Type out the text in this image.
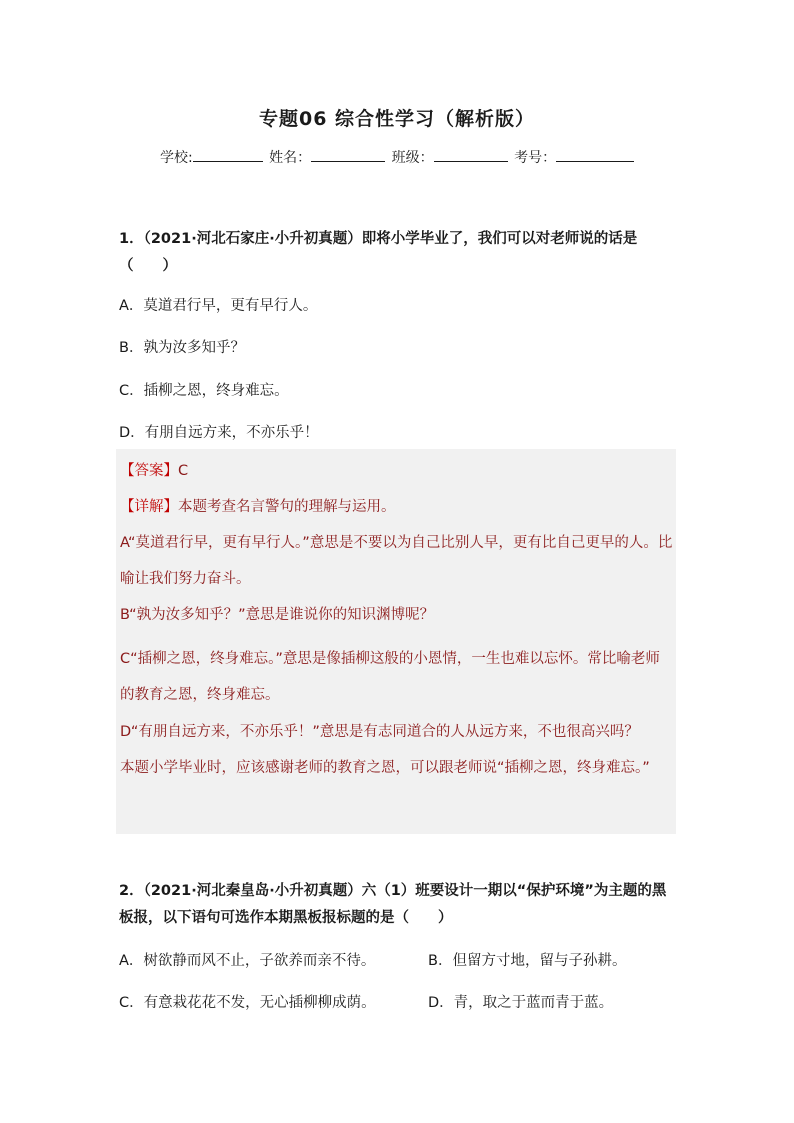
专题06 综合性学习（解析版）
学校:	姓名：	班级：	考号：
1．（2021·河北石家庄·小升初真题）即将小学毕业了，我们可以对老师说的话是（　　）
A．莫道君行早，更有早行人。
B．孰为汝多知乎？
C．插柳之恩，终身难忘。
D．有朋自远方来，不亦乐乎！
【答案】C
【详解】本题考查名言警句的理解与运用。
A“莫道君行早，更有早行人。”意思是不要以为自己比别人早，更有比自己更早的人。比喻让我们努力奋斗。
B“孰为汝多知乎？”意思是谁说你的知识渊博呢？
C“插柳之恩，终身难忘。”意思是像插柳这般的小恩情，一生也难以忘怀。常比喻老师的教育之恩，终身难忘。
D“有朋自远方来，不亦乐乎！”意思是有志同道合的人从远方来，不也很高兴吗？
本题小学毕业时，应该感谢老师的教育之恩，可以跟老师说“插柳之恩，终身难忘。”
2．（2021·河北秦皇岛·小升初真题）六（1）班要设计一期以“保护环境”为主题的黑板报，以下语句可选作本期黑板报标题的是（　　）
A．树欲静而风不止，子欲养而亲不待。	B．但留方寸地，留与子孙耕。
C．有意栽花花不发，无心插柳柳成荫。	D．青，取之于蓝而青于蓝。
